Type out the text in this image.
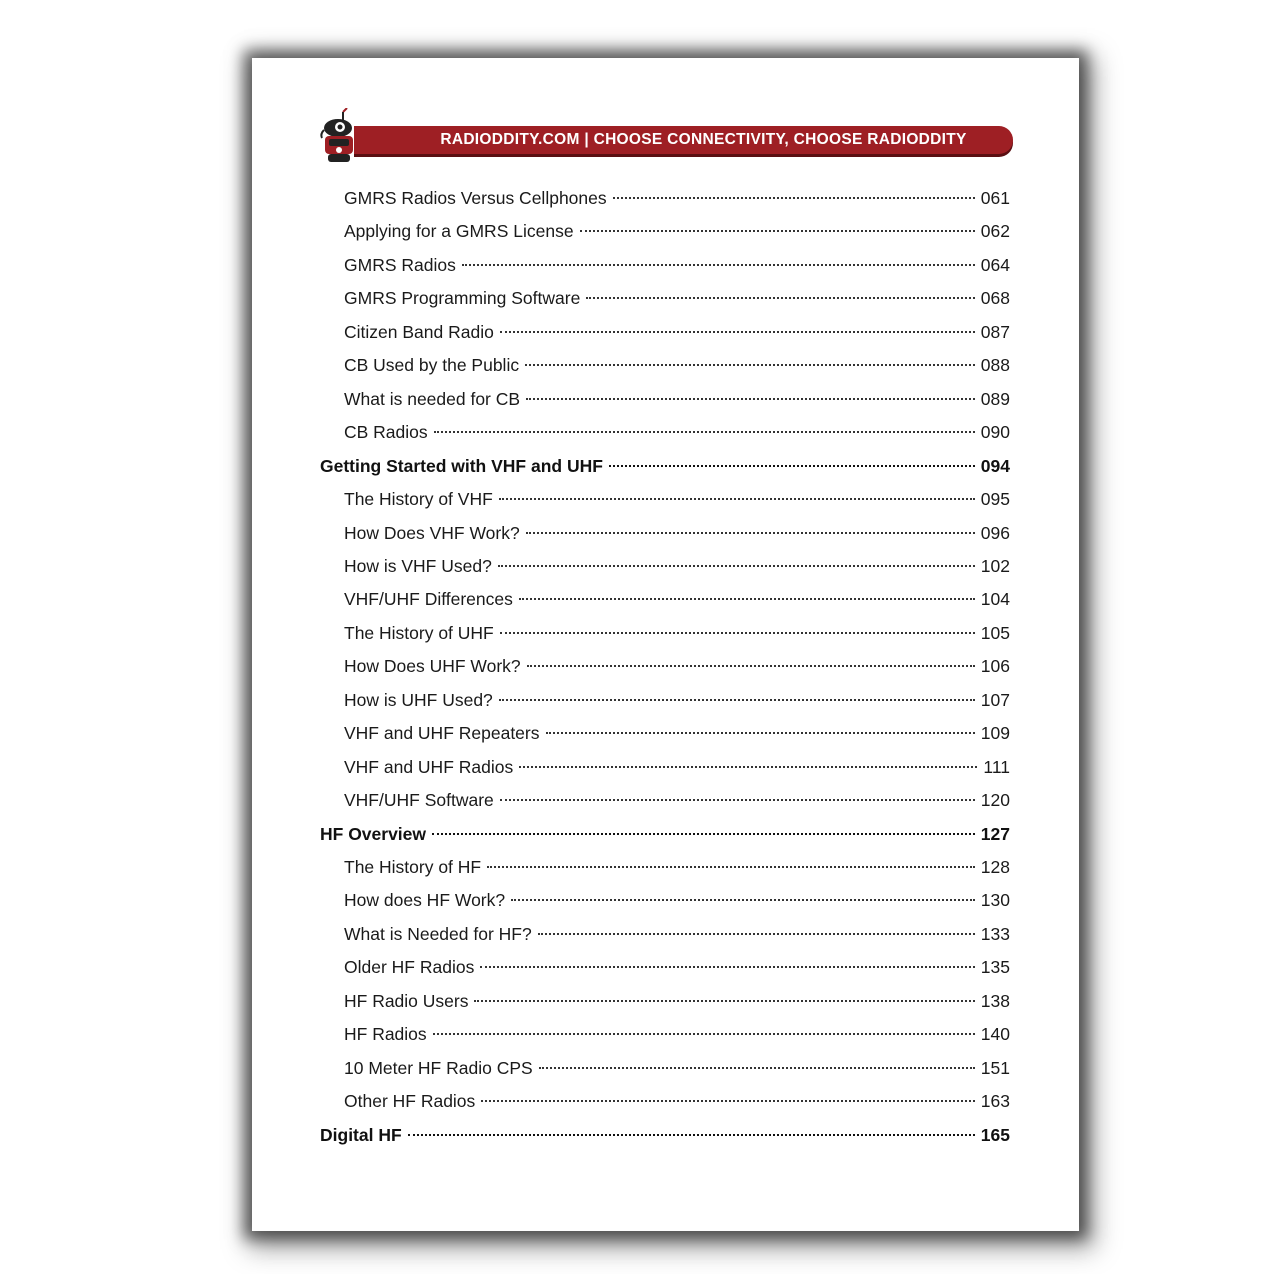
RADIODDITY.COM | CHOOSE CONNECTIVITY, CHOOSE RADIODDITY
GMRS Radios Versus Cellphones	061
Applying for a GMRS License	062
GMRS Radios	064
GMRS Programming Software	068
Citizen Band Radio	087
CB Used by the Public	088
What is needed for CB	089
CB Radios	090
Getting Started with VHF and UHF	094
The History of VHF	095
How Does VHF Work?	096
How is VHF Used?	102
VHF/UHF Differences	104
The History of UHF	105
How Does UHF Work?	106
How is UHF Used?	107
VHF and UHF Repeaters	109
VHF and UHF Radios	111
VHF/UHF Software	120
HF Overview	127
The History of HF	128
How does HF Work?	130
What is Needed for HF?	133
Older HF Radios	135
HF Radio Users	138
HF Radios	140
10 Meter HF Radio CPS	151
Other HF Radios	163
Digital HF	165
